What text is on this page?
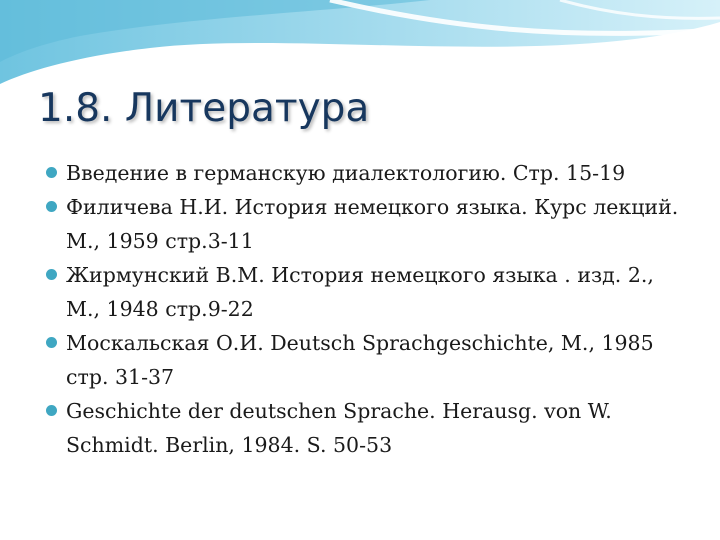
1.8. Литература
Введение в германскую диалектологию. Стр. 15-19
Филичева Н.И. История немецкого языка. Курс лекций. М., 1959 стр.3-11
Жирмунский В.М. История немецкого языка . изд. 2., М., 1948 стр.9-22
Москальская О.И. Deutsch Sprachgeschichte, М., 1985 стр. 31-37
Geschichte der deutschen Sprache. Herausg. von W. Schmidt. Berlin, 1984. S. 50-53
